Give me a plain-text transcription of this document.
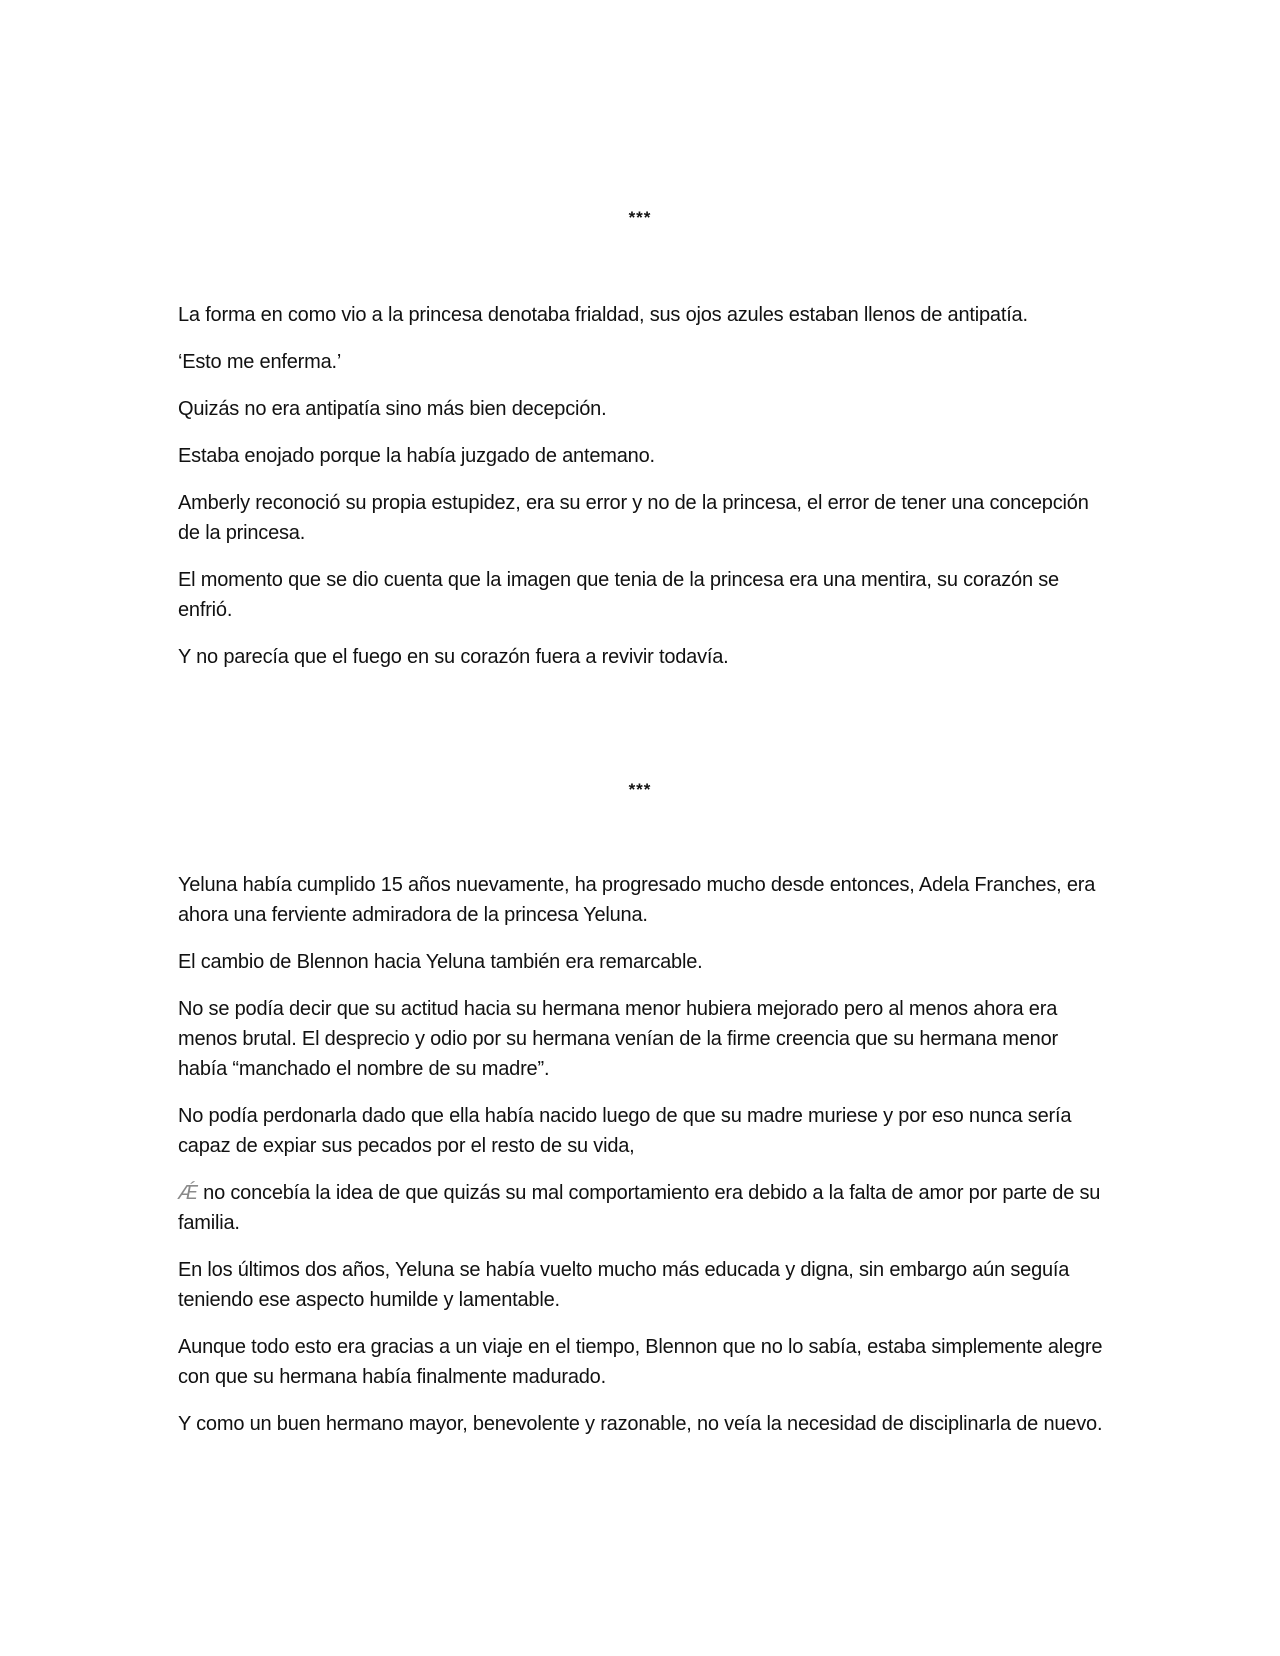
***

La forma en como vio a la princesa denotaba frialdad, sus ojos azules estaban llenos de antipatía.

‘Esto me enferma.’

Quizás no era antipatía sino más bien decepción.

Estaba enojado porque la había juzgado de antemano.

Amberly reconoció su propia estupidez, era su error y no de la princesa, el error de tener una concepción de la princesa.

El momento que se dio cuenta que la imagen que tenia de la princesa era una mentira, su corazón se enfrió.

Y no parecía que el fuego en su corazón fuera a revivir todavía.

***

Yeluna había cumplido 15 años nuevamente, ha progresado mucho desde entonces, Adela Franches, era ahora una ferviente admiradora de la princesa Yeluna.

El cambio de Blennon hacia Yeluna también era remarcable.

No se podía decir que su actitud hacia su hermana menor hubiera mejorado pero al menos ahora era menos brutal. El desprecio y odio por su hermana venían de la firme creencia que su hermana menor había “manchado el nombre de su madre”.

No podía perdonarla dado que ella había nacido luego de que su madre muriese y por eso nunca sería capaz de expiar sus pecados por el resto de su vida,

Ǽ no concebía la idea de que quizás su mal comportamiento era debido a la falta de amor por parte de su familia.

En los últimos dos años, Yeluna se había vuelto mucho más educada y digna, sin embargo aún seguía teniendo ese aspecto humilde y lamentable.

Aunque todo esto era gracias a un viaje en el tiempo, Blennon que no lo sabía, estaba simplemente alegre con que su hermana había finalmente madurado.

Y como un buen hermano mayor, benevolente y razonable, no veía la necesidad de disciplinarla de nuevo.
